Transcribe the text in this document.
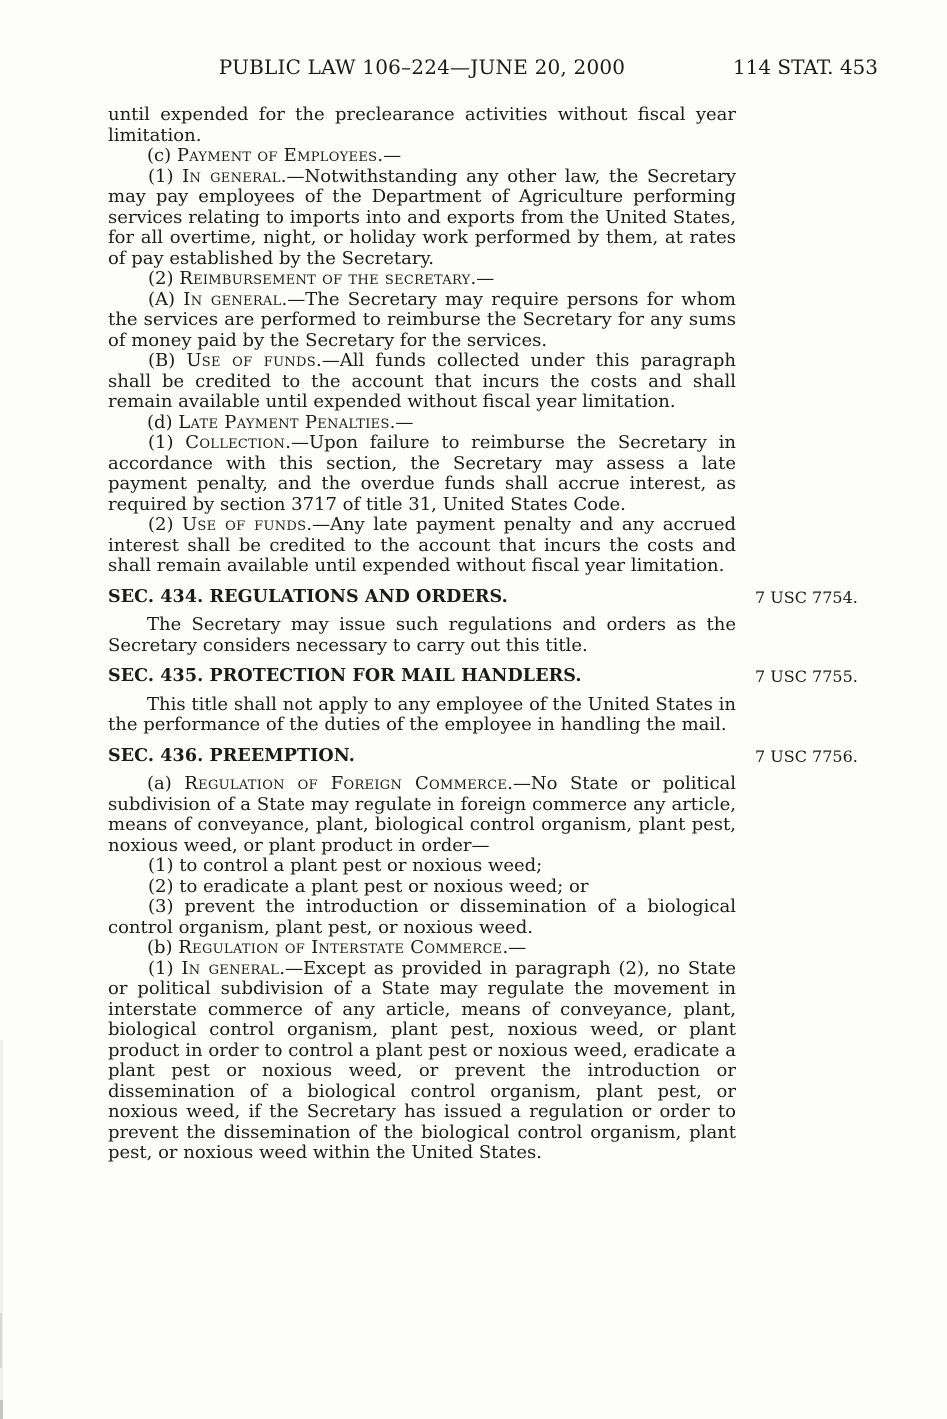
PUBLIC LAW 106–224—JUNE 20, 2000	114 STAT. 453

until expended for the preclearance activities without fiscal year limitation.

(c) Payment of Employees.—

(1) In general.—Notwithstanding any other law, the Secretary may pay employees of the Department of Agriculture performing services relating to imports into and exports from the United States, for all overtime, night, or holiday work performed by them, at rates of pay established by the Secretary.

(2) Reimbursement of the secretary.—

(A) In general.—The Secretary may require persons for whom the services are performed to reimburse the Secretary for any sums of money paid by the Secretary for the services.

(B) Use of funds.—All funds collected under this paragraph shall be credited to the account that incurs the costs and shall remain available until expended without fiscal year limitation.

(d) Late Payment Penalties.—

(1) Collection.—Upon failure to reimburse the Secretary in accordance with this section, the Secretary may assess a late payment penalty, and the overdue funds shall accrue interest, as required by section 3717 of title 31, United States Code.

(2) Use of funds.—Any late payment penalty and any accrued interest shall be credited to the account that incurs the costs and shall remain available until expended without fiscal year limitation.

SEC. 434. REGULATIONS AND ORDERS.	7 USC 7754.

The Secretary may issue such regulations and orders as the Secretary considers necessary to carry out this title.

SEC. 435. PROTECTION FOR MAIL HANDLERS.	7 USC 7755.

This title shall not apply to any employee of the United States in the performance of the duties of the employee in handling the mail.

SEC. 436. PREEMPTION.	7 USC 7756.

(a) Regulation of Foreign Commerce.—No State or political subdivision of a State may regulate in foreign commerce any article, means of conveyance, plant, biological control organism, plant pest, noxious weed, or plant product in order—

(1) to control a plant pest or noxious weed;

(2) to eradicate a plant pest or noxious weed; or

(3) prevent the introduction or dissemination of a biological control organism, plant pest, or noxious weed.

(b) Regulation of Interstate Commerce.—

(1) In general.—Except as provided in paragraph (2), no State or political subdivision of a State may regulate the movement in interstate commerce of any article, means of conveyance, plant, biological control organism, plant pest, noxious weed, or plant product in order to control a plant pest or noxious weed, eradicate a plant pest or noxious weed, or prevent the introduction or dissemination of a biological control organism, plant pest, or noxious weed, if the Secretary has issued a regulation or order to prevent the dissemination of the biological control organism, plant pest, or noxious weed within the United States.
